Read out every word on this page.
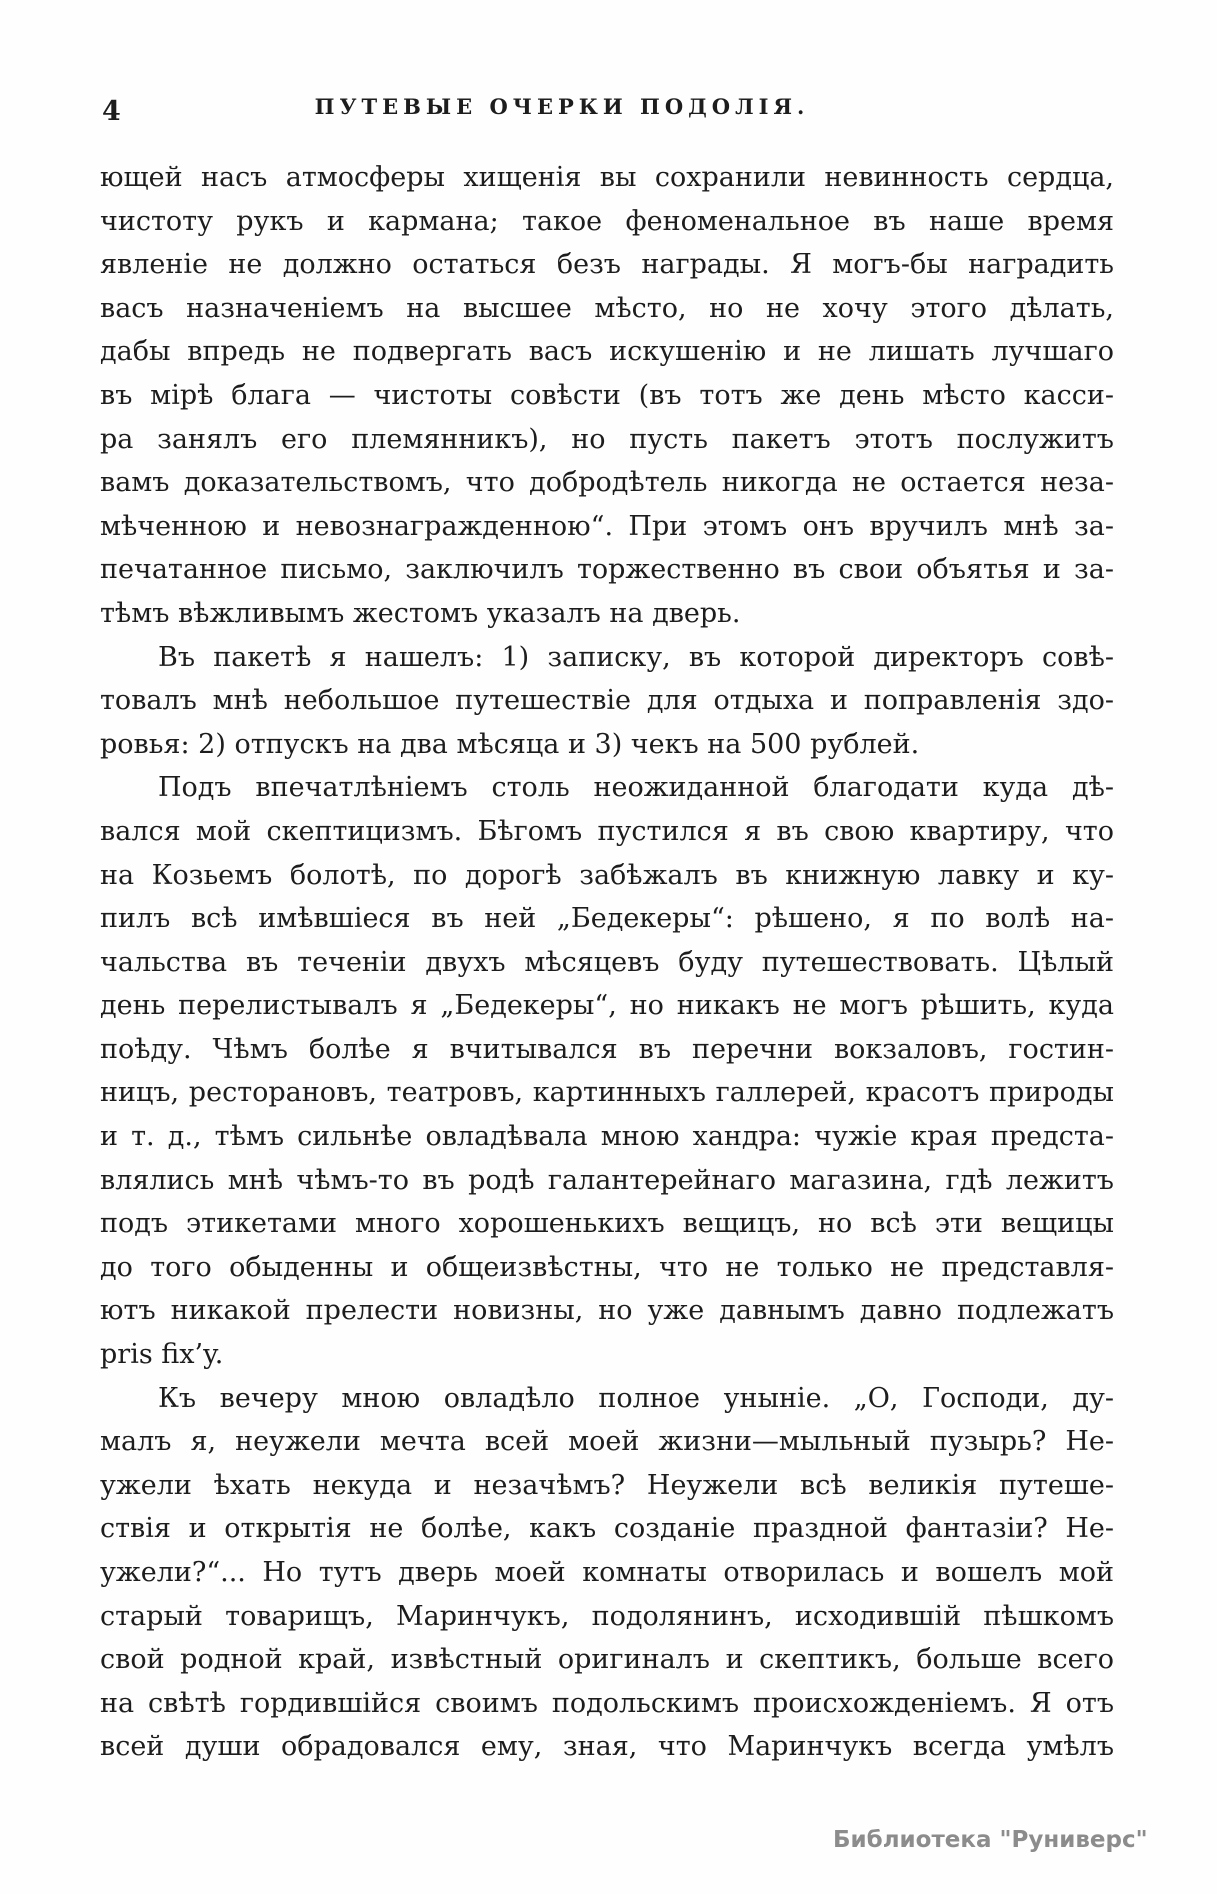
4	ПУТЕВЫЕ ОЧЕРКИ ПОДОЛІЯ.
ющей насъ атмосферы хищенія вы сохранили невинность сердца,
чистоту рукъ и кармана; такое феноменальное въ наше время
явленіе не должно остаться безъ награды. Я могъ-бы наградить
васъ назначеніемъ на высшее мѣсто, но не хочу этого дѣлать,
дабы впредь не подвергать васъ искушенію и не лишать лучшаго
въ мірѣ блага — чистоты совѣсти (въ тотъ же день мѣсто касси-
ра занялъ его племянникъ), но пусть пакетъ этотъ послужитъ
вамъ доказательствомъ, что добродѣтель никогда не остается неза-
мѣченною и невознагражденною“. При этомъ онъ вручилъ мнѣ за-
печатанное письмо, заключилъ торжественно въ свои объятья и за-
тѣмъ вѣжливымъ жестомъ указалъ на дверь.
Въ пакетѣ я нашелъ: 1) записку, въ которой директоръ совѣ-
товалъ мнѣ небольшое путешествіе для отдыха и поправленія здо-
ровья: 2) отпускъ на два мѣсяца и 3) чекъ на 500 рублей.
Подъ впечатлѣніемъ столь неожиданной благодати куда дѣ-
вался мой скептицизмъ. Бѣгомъ пустился я въ свою квартиру, что
на Козьемъ болотѣ, по дорогѣ забѣжалъ въ книжную лавку и ку-
пилъ всѣ имѣвшіеся въ ней „Бедекеры“: рѣшено, я по волѣ на-
чальства въ теченіи двухъ мѣсяцевъ буду путешествовать. Цѣлый
день перелистывалъ я „Бедекеры“, но никакъ не могъ рѣшить, куда
поѣду. Чѣмъ болѣе я вчитывался въ перечни вокзаловъ, гостин-
ницъ, ресторановъ, театровъ, картинныхъ галлерей, красотъ природы
и т. д., тѣмъ сильнѣе овладѣвала мною хандра: чужіе края предста-
влялись мнѣ чѣмъ-то въ родѣ галантерейнаго магазина, гдѣ лежитъ
подъ этикетами много хорошенькихъ вещицъ, но всѣ эти вещицы
до того обыденны и общеизвѣстны, что не только не представля-
ютъ никакой прелести новизны, но уже давнымъ давно подлежатъ
pris fix’y.
Къ вечеру мною овладѣло полное уныніе. „О, Господи, ду-
малъ я, неужели мечта всей моей жизни—мыльный пузырь? Не-
ужели ѣхать некуда и незачѣмъ? Неужели всѣ великія путеше-
ствія и открытія не болѣе, какъ созданіе праздной фантазіи? Не-
ужели?“... Но тутъ дверь моей комнаты отворилась и вошелъ мой
старый товарищъ, Маринчукъ, подолянинъ, исходившій пѣшкомъ
свой родной край, извѣстный оригиналъ и скептикъ, больше всего
на свѣтѣ гордившійся своимъ подольскимъ происхожденіемъ. Я отъ
всей души обрадовался ему, зная, что Маринчукъ всегда умѣлъ
Библиотека "Руниверс"
